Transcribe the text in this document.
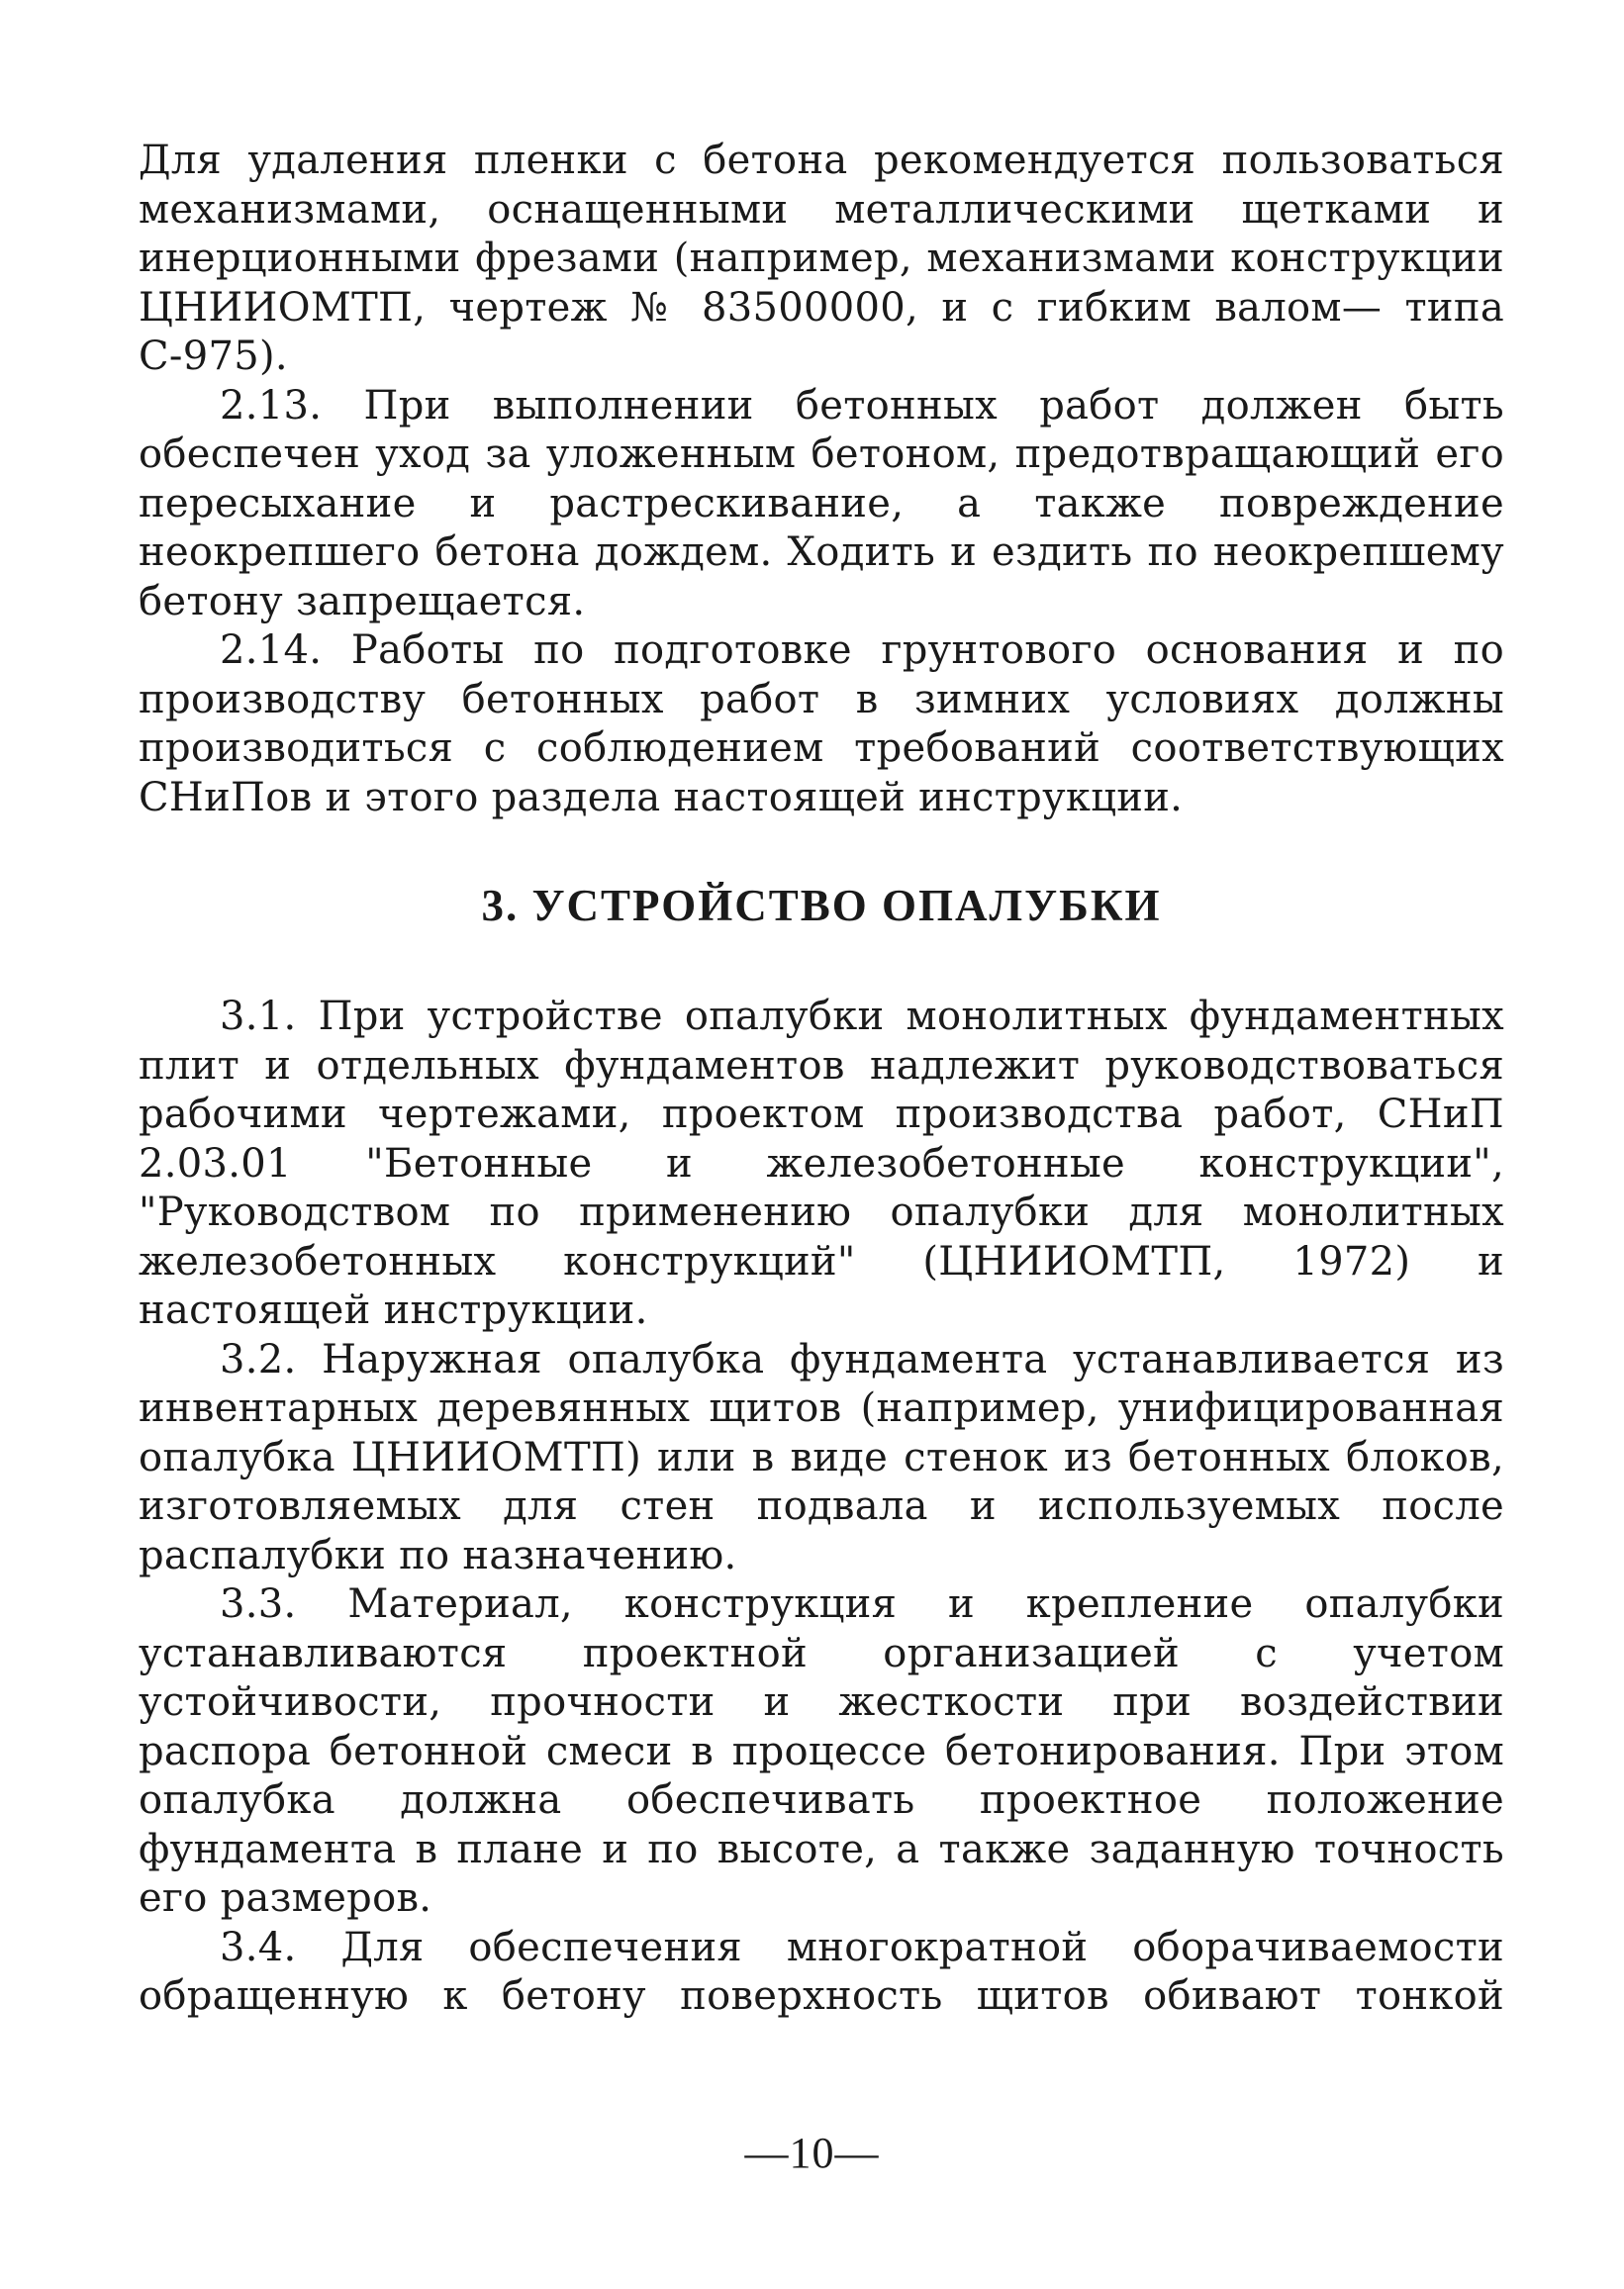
Для удаления пленки с бетона рекомендуется пользоваться механизмами, оснащенными металлическими щетками и инерционными фрезами (например, механизмами конструкции ЦНИИОМТП, чертеж № 83500000, и с гибким валом— типа С-975).

2.13. При выполнении бетонных работ должен быть обеспечен уход за уложенным бетоном, предотвращающий его пересыхание и растрескивание, а также повреждение неокрепшего бетона дождем. Ходить и ездить по неокрепшему бетону запрещается.

2.14. Работы по подготовке грунтового основания и по производству бетонных работ в зимних условиях должны производиться с соблюдением требований соответствующих СНиПов и этого раздела настоящей инструкции.

3. УСТРОЙСТВО ОПАЛУБКИ

3.1. При устройстве опалубки монолитных фундаментных плит и отдельных фундаментов надлежит руководствоваться рабочими чертежами, проектом производства работ, СНиП 2.03.01 "Бетонные и железобетонные конструкции", "Руководством по применению опалубки для монолитных железобетонных конструкций" (ЦНИИОМТП, 1972) и настоящей инструкции.

3.2. Наружная опалубка фундамента устанавливается из инвентарных деревянных щитов (например, унифицированная опалубка ЦНИИОМТП) или в виде стенок из бетонных блоков, изготовляемых для стен подвала и используемых после распалубки по назначению.

3.3. Материал, конструкция и крепление опалубки устанавливаются проектной организацией с учетом устойчивости, прочности и жесткости при воздействии распора бетонной смеси в процессе бетонирования. При этом опалубка должна обеспечивать проектное положение фундамента в плане и по высоте, а также заданную точность его размеров.

3.4. Для обеспечения многократной оборачиваемости обращенную к бетону поверхность щитов обивают тонкой

—10—
